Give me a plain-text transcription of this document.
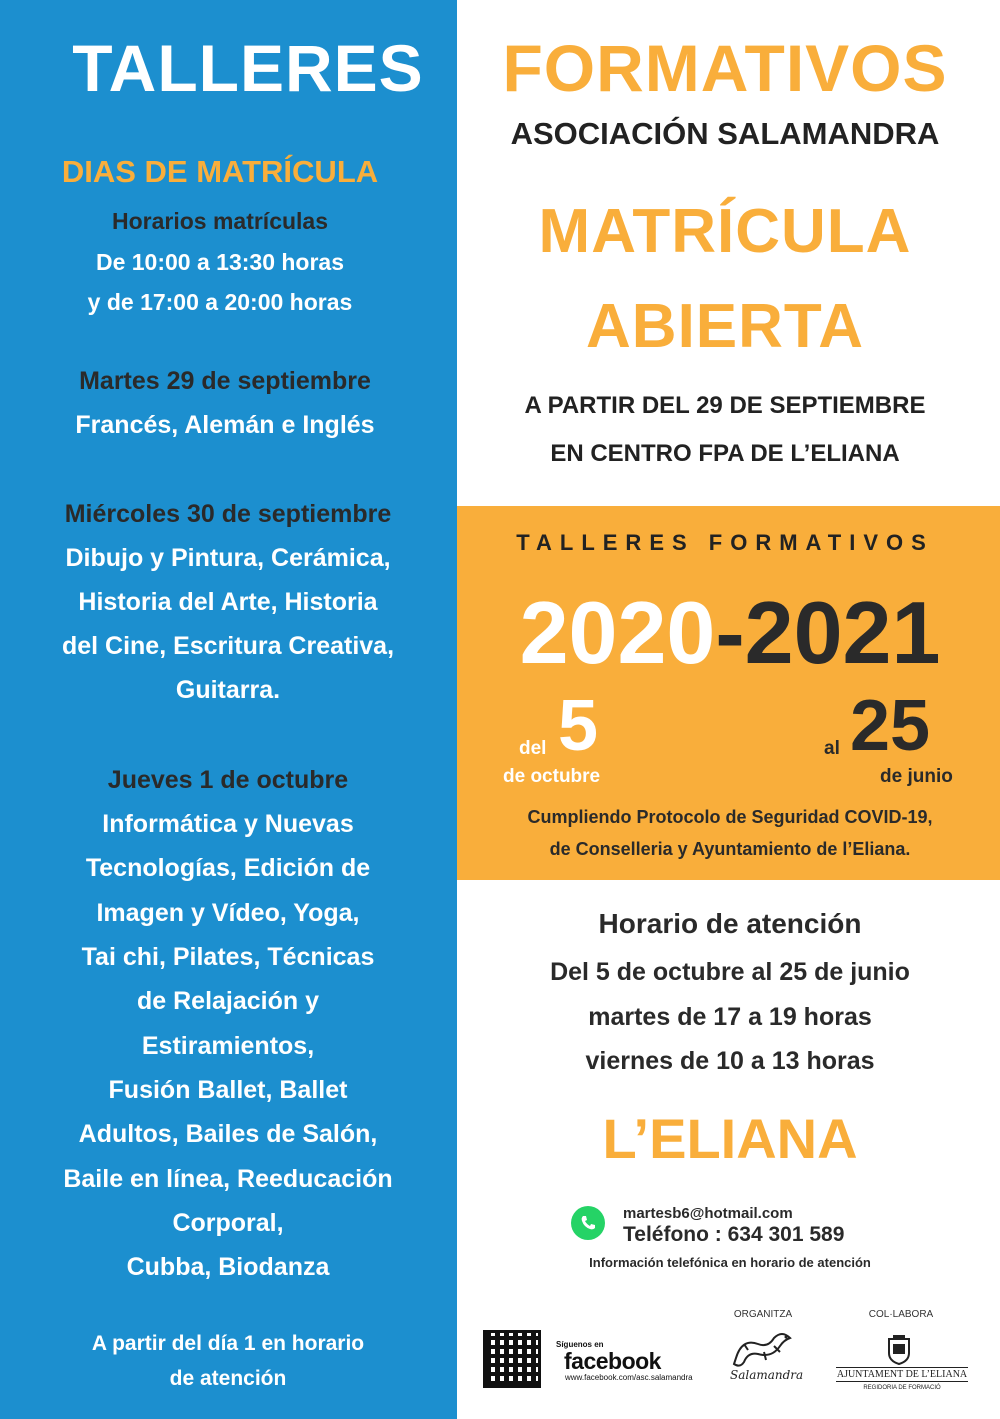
TALLERES	FORMATIVOS
ASOCIACIÓN SALAMANDRA
DIAS DE MATRÍCULA
Horarios matrículas
De 10:00 a 13:30 horas
y de 17:00 a 20:00 horas
Martes 29 de septiembre
Francés, Alemán e Inglés
Miércoles 30 de septiembre
Dibujo y Pintura, Cerámica,
Historia del Arte, Historia
del Cine, Escritura Creativa,
Guitarra.
Jueves 1 de octubre
Informática y Nuevas
Tecnologías, Edición de
Imagen y Vídeo, Yoga,
Tai chi, Pilates, Técnicas
de Relajación y
Estiramientos,
Fusión Ballet, Ballet
Adultos, Bailes de Salón,
Baile en línea, Reeducación
Corporal,
Cubba, Biodanza
A partir del día 1 en horario
de atención
MATRÍCULA
ABIERTA
A PARTIR DEL 29 DE SEPTIEMBRE
EN CENTRO FPA DE L’ELIANA
TALLERES FORMATIVOS
2020-2021
del 5
de octubre
al 25
de junio
Cumpliendo Protocolo de Seguridad COVID-19,
de Conselleria y Ayuntamiento de l’Eliana.
Horario de atención
Del 5 de octubre al 25 de junio
martes de 17 a 19 horas
viernes de 10 a 13 horas
L’ELIANA
martesb6@hotmail.com
Teléfono : 634 301 589
Información telefónica en horario de atención
Síguenos en
facebook
www.facebook.com/asc.salamandra
ORGANITZA
Salamandra
COL·LABORA
AJUNTAMENT DE L’ELIANA
REGIDORIA DE FORMACIÓ
